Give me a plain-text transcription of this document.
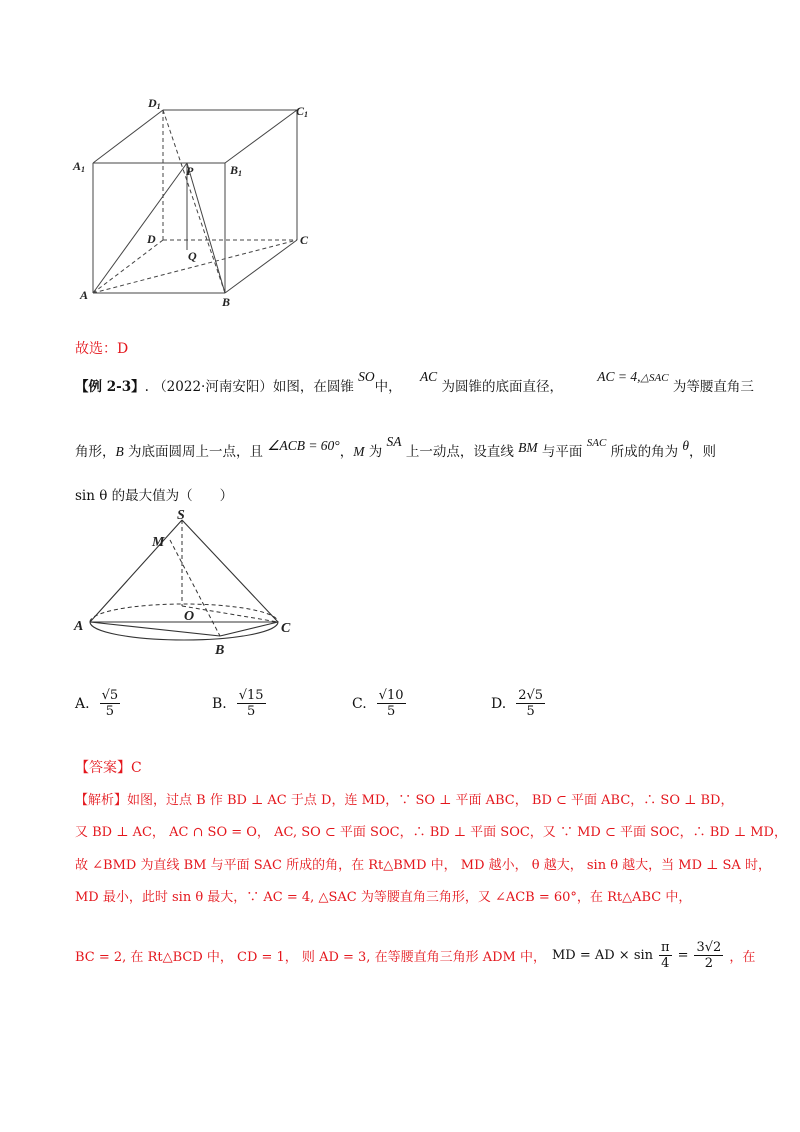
D1	C1
A1	B1
P
D	C
Q
A	B
故选：D
【例 2-3】. （2022·河南安阳）如图，在圆锥 SO中， AC 为圆锥的底面直径， AC = 4,$^{\triangle SAC}$ 为等腰直角三
角形，B 为底面圆周上一点，且 ∠ACB = 60°，M 为 SA 上一动点，设直线 BM 与平面 $^{SAC}$ 所成的角为 θ，则
sin θ 的最大值为（　　）
S
M
O
A	C
B
A. $\frac{√5}{5}$	B. $\frac{√15}{5}$	C. $\frac{√10}{5}$	D. $\frac{2√5}{5}$
【答案】C
【解析】如图，过点 B 作 BD ⊥ AC 于点 D，连 MD，∵ SO ⊥ 平面 ABC， BD ⊂ 平面 ABC，∴ SO ⊥ BD，
又 BD ⊥ AC， AC ∩ SO = O， AC, SO ⊂ 平面 SOC，∴ BD ⊥ 平面 SOC，又 ∵ MD ⊂ 平面 SOC，∴ BD ⊥ MD，
故 ∠BMD 为直线 BM 与平面 SAC 所成的角，在 Rt△BMD 中， MD 越小， θ 越大， sin θ 越大，当 MD ⊥ SA 时，
MD 最小，此时 sin θ 最大，∵ AC = 4, △SAC 为等腰直角三角形，又 ∠ACB = 60°，在 Rt△ABC 中，
BC = 2, 在 Rt△BCD 中， CD = 1， 则 AD = 3, 在等腰直角三角形 ADM 中， MD = AD × $\sin \frac{\pi}{4} = \frac{3√2}{2}$ ，在
